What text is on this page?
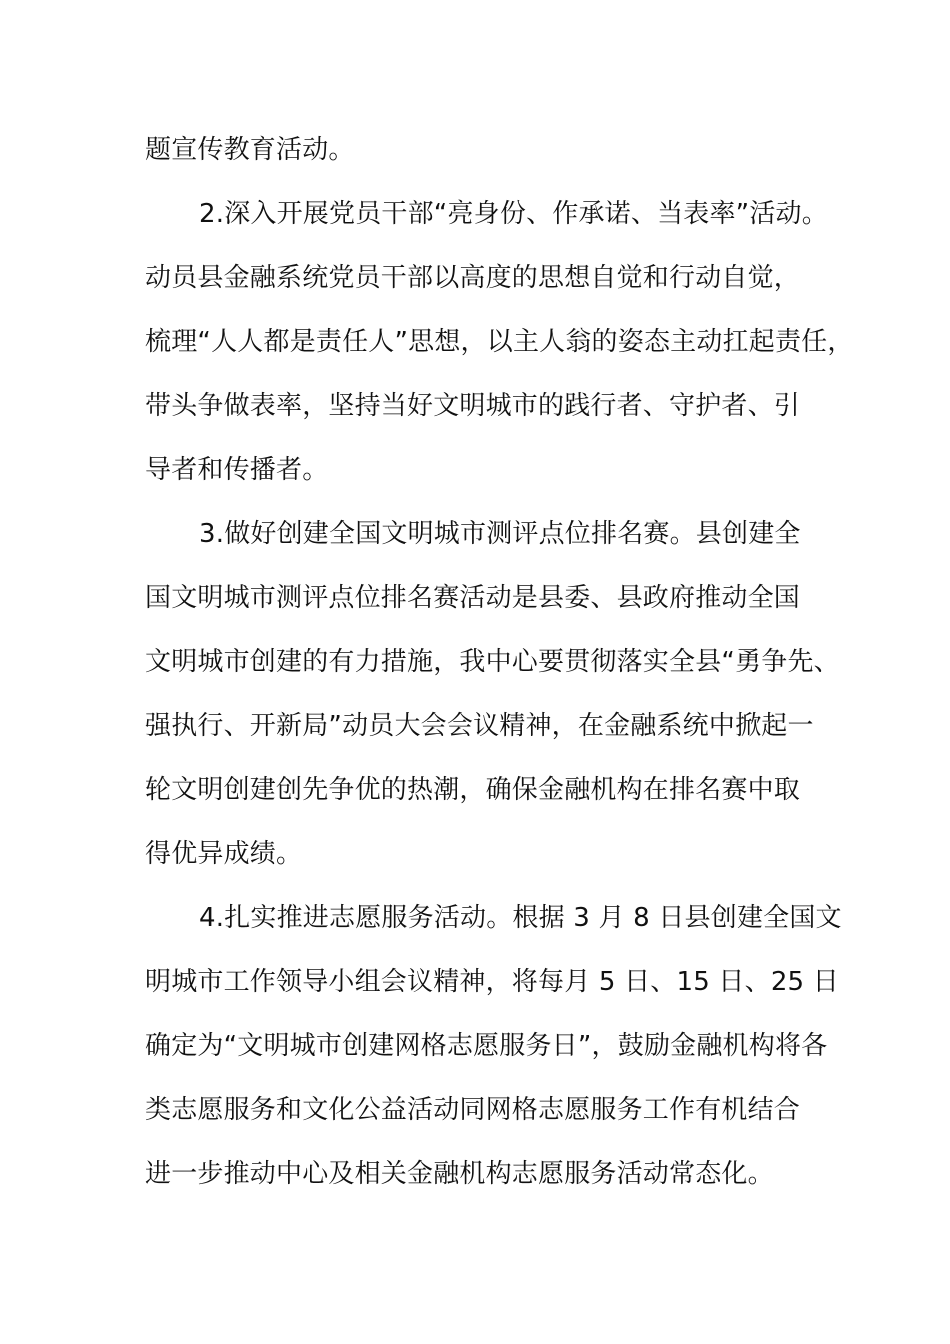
题宣传教育活动。
2.深入开展党员干部“亮身份、作承诺、当表率”活动。
动员县金融系统党员干部以高度的思想自觉和行动自觉，
梳理“人人都是责任人”思想，以主人翁的姿态主动扛起责任，
带头争做表率，坚持当好文明城市的践行者、守护者、引
导者和传播者。
3.做好创建全国文明城市测评点位排名赛。县创建全
国文明城市测评点位排名赛活动是县委、县政府推动全国
文明城市创建的有力措施，我中心要贯彻落实全县“勇争先、
强执行、开新局”动员大会会议精神，在金融系统中掀起一
轮文明创建创先争优的热潮，确保金融机构在排名赛中取
得优异成绩。
4.扎实推进志愿服务活动。根据 3 月 8 日县创建全国文
明城市工作领导小组会议精神，将每月 5 日、15 日、25 日
确定为“文明城市创建网格志愿服务日”，鼓励金融机构将各
类志愿服务和文化公益活动同网格志愿服务工作有机结合
进一步推动中心及相关金融机构志愿服务活动常态化。
